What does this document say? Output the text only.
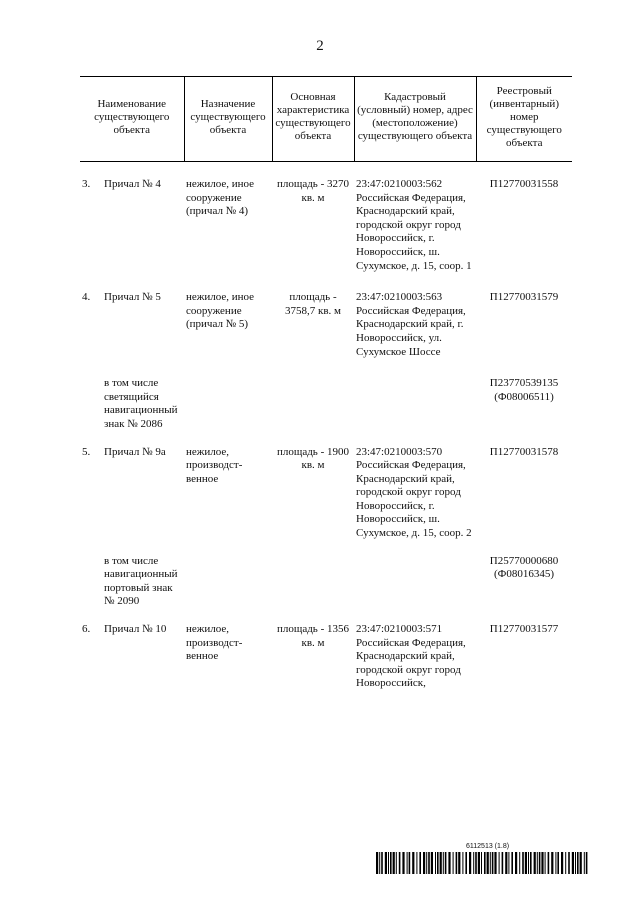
2
Наименование существующего объекта	Назначение существующего объекта	Основная характеристика существующего объекта	Кадастровый (условный) номер, адрес (местоположение) существующего объекта	Реестровый (инвентарный) номер существующего объекта

3. Причал № 4	нежилое, иное сооружение (причал № 4)	площадь - 3270 кв. м	23:47:0210003:562 Российская Федерация, Краснодарский край, городской округ город Новороссийск, г. Новороссийск, ш. Сухумское, д. 15, соор. 1	П12770031558

4. Причал № 5	нежилое, иное сооружение (причал № 5)	площадь - 3758,7 кв. м	23:47:0210003:563 Российская Федерация, Краснодарский край, г. Новороссийск, ул. Сухумское Шоссе	П12770031579

в том числе светящийся навигационный знак № 2086				П23770539135 (Ф08006511)

5. Причал № 9а	нежилое, производст-венное	площадь - 1900 кв. м	23:47:0210003:570 Российская Федерация, Краснодарский край, городской округ город Новороссийск, г. Новороссийск, ш. Сухумское, д. 15, соор. 2	П12770031578

в том числе навигационный портовый знак № 2090				П25770000680 (Ф08016345)

6. Причал № 10	нежилое, производст-венное	площадь - 1356 кв. м	23:47:0210003:571 Российская Федерация, Краснодарский край, городской округ город Новороссийск,	П12770031577
6112513 (1.8)
